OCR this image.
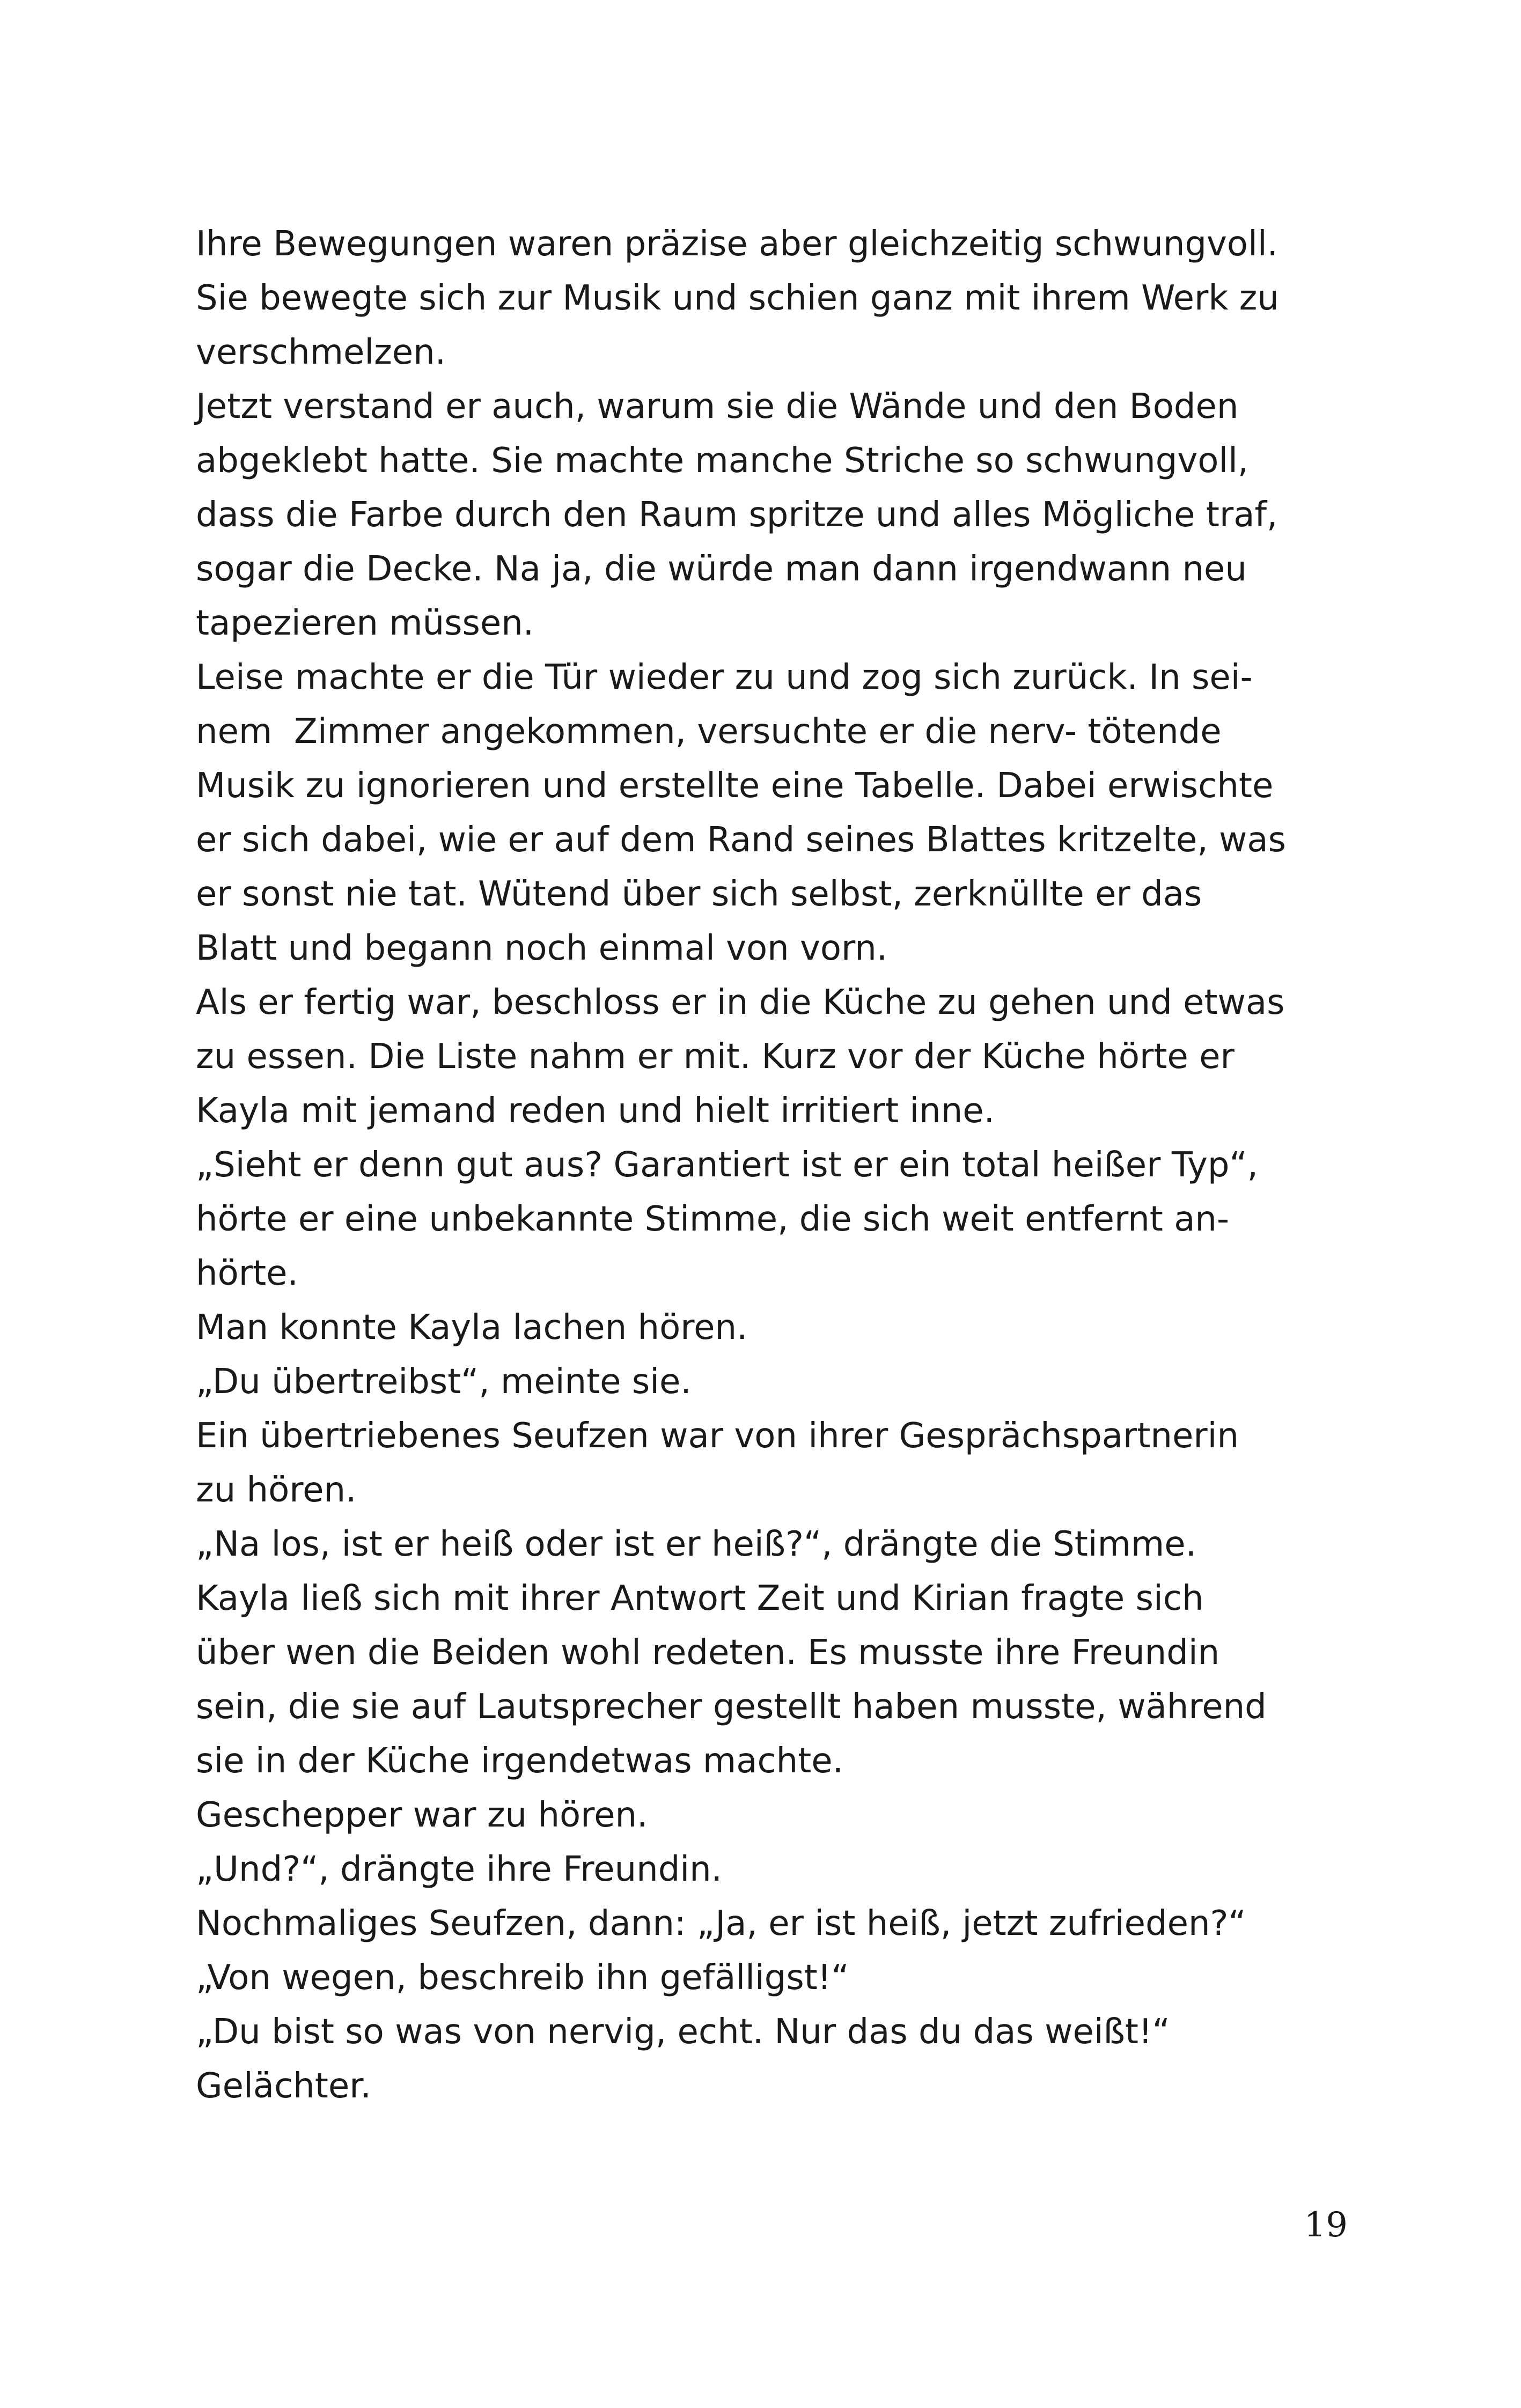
Ihre Bewegungen waren präzise aber gleichzeitig schwungvoll.
Sie bewegte sich zur Musik und schien ganz mit ihrem Werk zu
verschmelzen.
Jetzt verstand er auch, warum sie die Wände und den Boden
abgeklebt hatte. Sie machte manche Striche so schwungvoll,
dass die Farbe durch den Raum spritze und alles Mögliche traf,
sogar die Decke. Na ja, die würde man dann irgendwann neu
tapezieren müssen.
Leise machte er die Tür wieder zu und zog sich zurück. In sei-
nem  Zimmer angekommen, versuchte er die nerv- tötende
Musik zu ignorieren und erstellte eine Tabelle. Dabei erwischte
er sich dabei, wie er auf dem Rand seines Blattes kritzelte, was
er sonst nie tat. Wütend über sich selbst, zerknüllte er das
Blatt und begann noch einmal von vorn.
Als er fertig war, beschloss er in die Küche zu gehen und etwas
zu essen. Die Liste nahm er mit. Kurz vor der Küche hörte er
Kayla mit jemand reden und hielt irritiert inne.
„Sieht er denn gut aus? Garantiert ist er ein total heißer Typ“,
hörte er eine unbekannte Stimme, die sich weit entfernt an-
hörte.
Man konnte Kayla lachen hören.
„Du übertreibst“, meinte sie.
Ein übertriebenes Seufzen war von ihrer Gesprächspartnerin
zu hören.
„Na los, ist er heiß oder ist er heiß?“, drängte die Stimme.
Kayla ließ sich mit ihrer Antwort Zeit und Kirian fragte sich
über wen die Beiden wohl redeten. Es musste ihre Freundin
sein, die sie auf Lautsprecher gestellt haben musste, während
sie in der Küche irgendetwas machte.
Geschepper war zu hören.
„Und?“, drängte ihre Freundin.
Nochmaliges Seufzen, dann: „Ja, er ist heiß, jetzt zufrieden?“
„Von wegen, beschreib ihn gefälligst!“
„Du bist so was von nervig, echt. Nur das du das weißt!“
Gelächter.
19
